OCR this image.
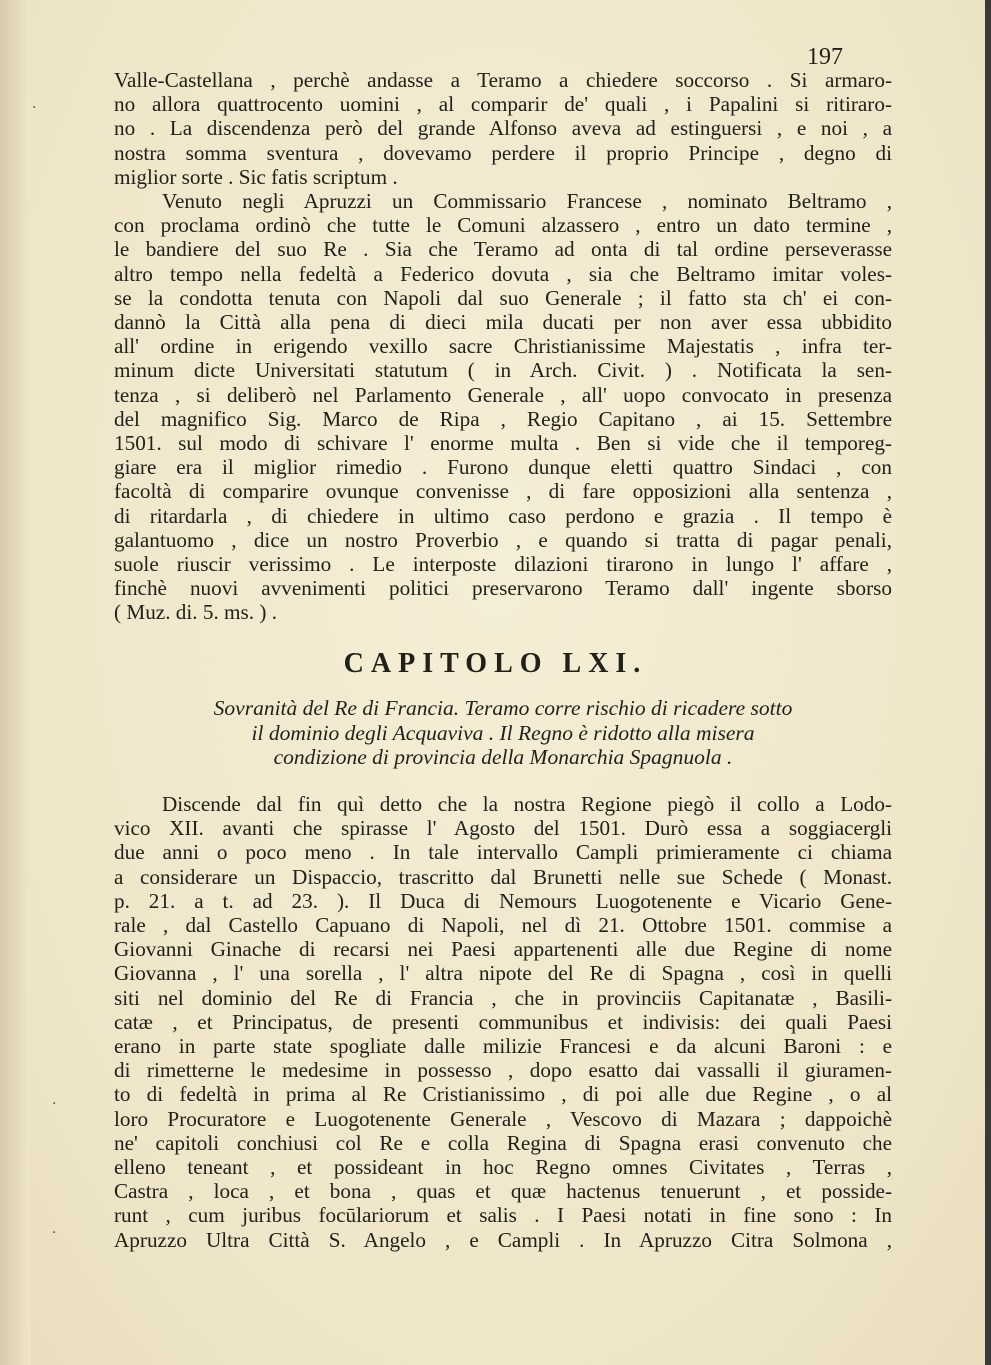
197
Valle-Castellana , perchè andasse a Teramo a chiedere soccorso . Si armaro-
no allora quattrocento uomini , al comparir de' quali , i Papalini si ritiraro-
no . La discendenza però del grande Alfonso aveva ad estinguersi , e noi , a
nostra somma sventura , dovevamo perdere il proprio Principe , degno di
miglior sorte . Sic fatis scriptum .
Venuto negli Apruzzi un Commissario Francese , nominato Beltramo ,
con proclama ordinò che tutte le Comuni alzassero , entro un dato termine ,
le bandiere del suo Re . Sia che Teramo ad onta di tal ordine perseverasse
altro tempo nella fedeltà a Federico dovuta , sia che Beltramo imitar voles-
se la condotta tenuta con Napoli dal suo Generale ; il fatto sta ch' ei con-
dannò la Città alla pena di dieci mila ducati per non aver essa ubbidito
all' ordine in erigendo vexillo sacre Christianissime Majestatis , infra ter-
minum dicte Universitati statutum ( in Arch. Civit. ) . Notificata la sen-
tenza , si deliberò nel Parlamento Generale , all' uopo convocato in presenza
del magnifico Sig. Marco de Ripa , Regio Capitano , ai 15. Settembre
1501. sul modo di schivare l' enorme multa . Ben si vide che il temporeg-
giare era il miglior rimedio . Furono dunque eletti quattro Sindaci , con
facoltà di comparire ovunque convenisse , di fare opposizioni alla sentenza ,
di ritardarla , di chiedere in ultimo caso perdono e grazia . Il tempo è
galantuomo , dice un nostro Proverbio , e quando si tratta di pagar penali,
suole riuscir verissimo . Le interposte dilazioni tirarono in lungo l' affare ,
finchè nuovi avvenimenti politici preservarono Teramo dall' ingente sborso
( Muz. di. 5. ms. ) .
CAPITOLO LXI.
Sovranità del Re di Francia. Teramo corre rischio di ricadere sotto
il dominio degli Acquaviva . Il Regno è ridotto alla misera
condizione di provincia della Monarchia Spagnuola .
Discende dal fin quì detto che la nostra Regione piegò il collo a Lodo-
vico XII. avanti che spirasse l' Agosto del 1501. Durò essa a soggiacergli
due anni o poco meno . In tale intervallo Campli primieramente ci chiama
a considerare un Dispaccio, trascritto dal Brunetti nelle sue Schede ( Monast.
p. 21. a t. ad 23. ). Il Duca di Nemours Luogotenente e Vicario Gene-
rale , dal Castello Capuano di Napoli, nel dì 21. Ottobre 1501. commise a
Giovanni Ginache di recarsi nei Paesi appartenenti alle due Regine di nome
Giovanna , l' una sorella , l' altra nipote del Re di Spagna , così in quelli
siti nel dominio del Re di Francia , che in provinciis Capitanatæ , Basili-
catæ , et Principatus, de presenti communibus et indivisis: dei quali Paesi
erano in parte state spogliate dalle milizie Francesi e da alcuni Baroni : e
di rimetterne le medesime in possesso , dopo esatto dai vassalli il giuramen-
to di fedeltà in prima al Re Cristianissimo , di poi alle due Regine , o al
loro Procuratore e Luogotenente Generale , Vescovo di Mazara ; dappoichè
ne' capitoli conchiusi col Re e colla Regina di Spagna erasi convenuto che
elleno teneant , et possideant in hoc Regno omnes Civitates , Terras ,
Castra , loca , et bona , quas et quæ hactenus tenuerunt , et posside-
runt , cum juribus focūlariorum et salis . I Paesi notati in fine sono : In
Apruzzo Ultra Città S. Angelo , e Campli . In Apruzzo Citra Solmona ,
·
·
·
